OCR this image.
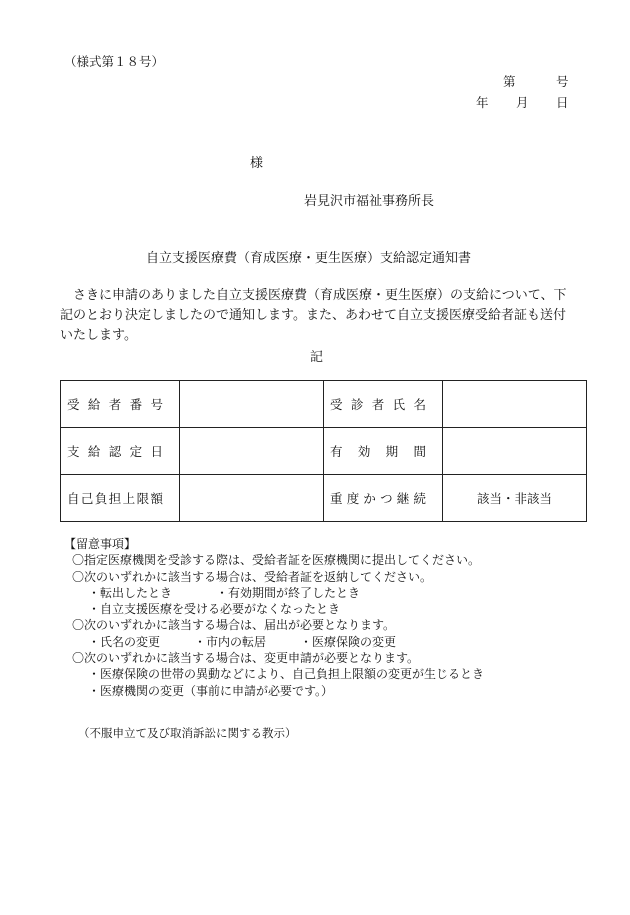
（様式第１８号）
第	号
年 月 日
様
岩見沢市福祉事務所長
自立支援医療費（育成医療・更生医療）支給認定通知書
さきに申請のありました自立支援医療費（育成医療・更生医療）の支給について、下記のとおり決定しましたので通知します。また、あわせて自立支援医療受給者証も送付いたします。
記
受給者番号		受診者氏名	

支給認定日		有効期間	

自己負担上限額		重度かつ継続	該当・非該当
【留意事項】
〇指定医療機関を受診する際は、受給者証を医療機関に提出してください。
〇次のいずれかに該当する場合は、受給者証を返納してください。
・転出したとき	・有効期間が終了したとき
・自立支援医療を受ける必要がなくなったとき
〇次のいずれかに該当する場合は、届出が必要となります。
・氏名の変更	・市内の転居	・医療保険の変更
〇次のいずれかに該当する場合は、変更申請が必要となります。
・医療保険の世帯の異動などにより、自己負担上限額の変更が生じるとき
・医療機関の変更（事前に申請が必要です。）
（不服申立て及び取消訴訟に関する教示）
